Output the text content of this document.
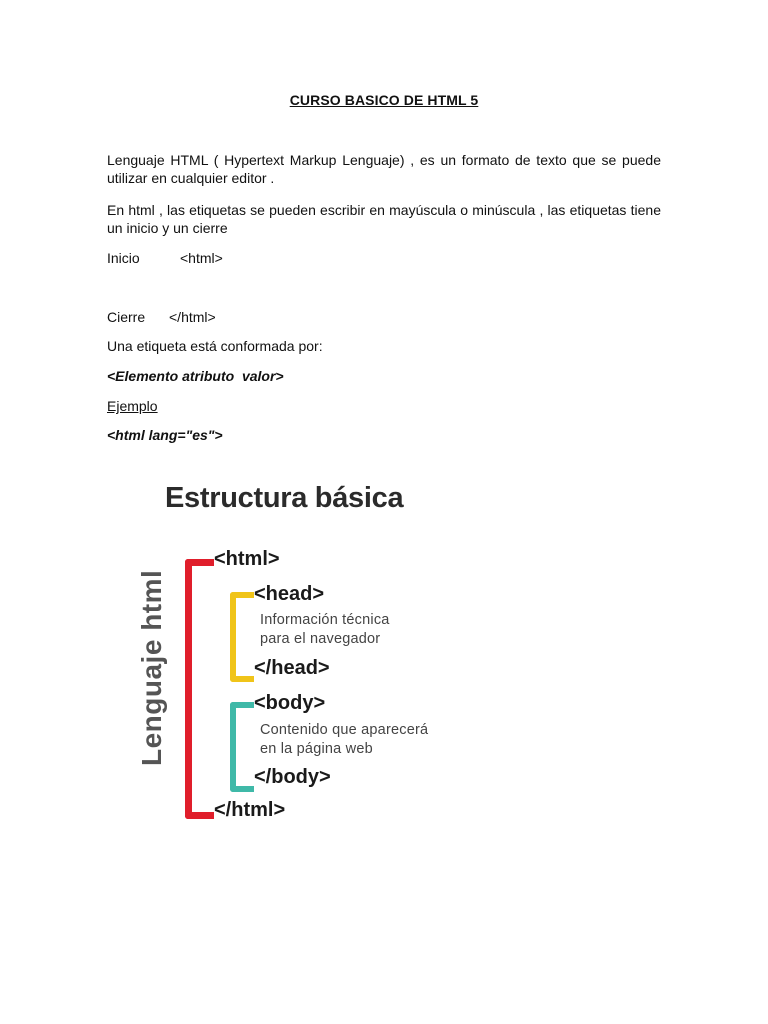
CURSO BASICO DE HTML 5
Lenguaje HTML ( Hypertext Markup Lenguaje) , es un formato de texto que se puede utilizar en cualquier editor .
En html , las etiquetas se pueden escribir en mayúscula o minúscula , las etiquetas tiene un inicio y un cierre
Inicio	<html>
Cierre </html>
Una etiqueta está conformada por:
<Elemento atributo  valor>
Ejemplo
<html lang="es">
Estructura básica
Lenguaje html
<html>
<head>
Información técnica
para el navegador
</head>
<body>
Contenido que aparecerá
en la página web
</body>
</html>
